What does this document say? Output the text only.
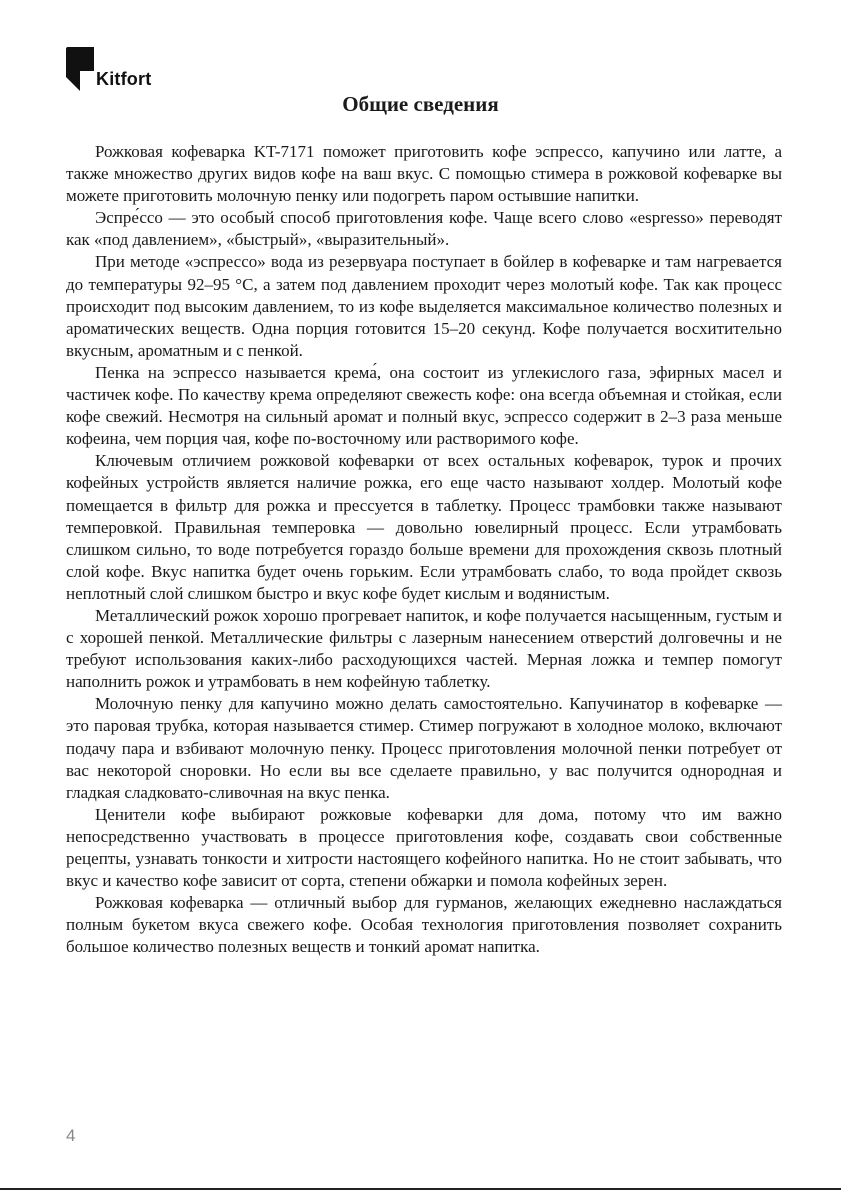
Kitfort
Общие сведения

Рожковая кофеварка KT-7171 поможет приготовить кофе эспрессо, капучино или латте, а также множество других видов кофе на ваш вкус. С помощью стимера в рожковой кофеварке вы можете приготовить молочную пенку или подогреть паром остывшие напитки.

Эспре́ссо — это особый способ приготовления кофе. Чаще всего слово «espresso» переводят как «под давлением», «быстрый», «выразительный».

При методе «эспрессо» вода из резервуара поступает в бойлер в кофеварке и там нагревается до температуры 92–95 °С, а затем под давлением проходит через молотый кофе. Так как процесс происходит под высоким давлением, то из кофе выделяется максимальное количество полезных и ароматических веществ. Одна порция готовится 15–20 секунд. Кофе получается восхитительно вкусным, ароматным и с пенкой.

Пенка на эспрессо называется крема́, она состоит из углекислого газа, эфирных масел и частичек кофе. По качеству крема определяют свежесть кофе: она всегда объемная и стойкая, если кофе свежий. Несмотря на сильный аромат и полный вкус, эспрессо содержит в 2–3 раза меньше кофеина, чем порция чая, кофе по-восточному или растворимого кофе.

Ключевым отличием рожковой кофеварки от всех остальных кофеварок, турок и прочих кофейных устройств является наличие рожка, его еще часто называют холдер. Молотый кофе помещается в фильтр для рожка и прессуется в таблетку. Процесс трамбовки также называют темперовкой. Правильная темперовка — довольно ювелирный процесс. Если утрамбовать слишком сильно, то воде потребуется гораздо больше времени для прохождения сквозь плотный слой кофе. Вкус напитка будет очень горьким. Если утрамбовать слабо, то вода пройдет сквозь неплотный слой слишком быстро и вкус кофе будет кислым и водянистым.

Металлический рожок хорошо прогревает напиток, и кофе получается насыщенным, густым и с хорошей пенкой. Металлические фильтры с лазерным нанесением отверстий долговечны и не требуют использования каких-либо расходующихся частей. Мерная ложка и темпер помогут наполнить рожок и утрамбовать в нем кофейную таблетку.

Молочную пенку для капучино можно делать самостоятельно. Капучинатор в кофеварке — это паровая трубка, которая называется стимер. Стимер погружают в холодное молоко, включают подачу пара и взбивают молочную пенку. Процесс приготовления молочной пенки потребует от вас некоторой сноровки. Но если вы все сделаете правильно, у вас получится однородная и гладкая сладковато-сливочная на вкус пенка.

Ценители кофе выбирают рожковые кофеварки для дома, потому что им важно непосредственно участвовать в процессе приготовления кофе, создавать свои собственные рецепты, узнавать тонкости и хитрости настоящего кофейного напитка. Но не стоит забывать, что вкус и качество кофе зависит от сорта, степени обжарки и помола кофейных зерен.

Рожковая кофеварка — отличный выбор для гурманов, желающих ежедневно наслаждаться полным букетом вкуса свежего кофе. Особая технология приготовления позволяет сохранить большое количество полезных веществ и тонкий аромат напитка.

4
